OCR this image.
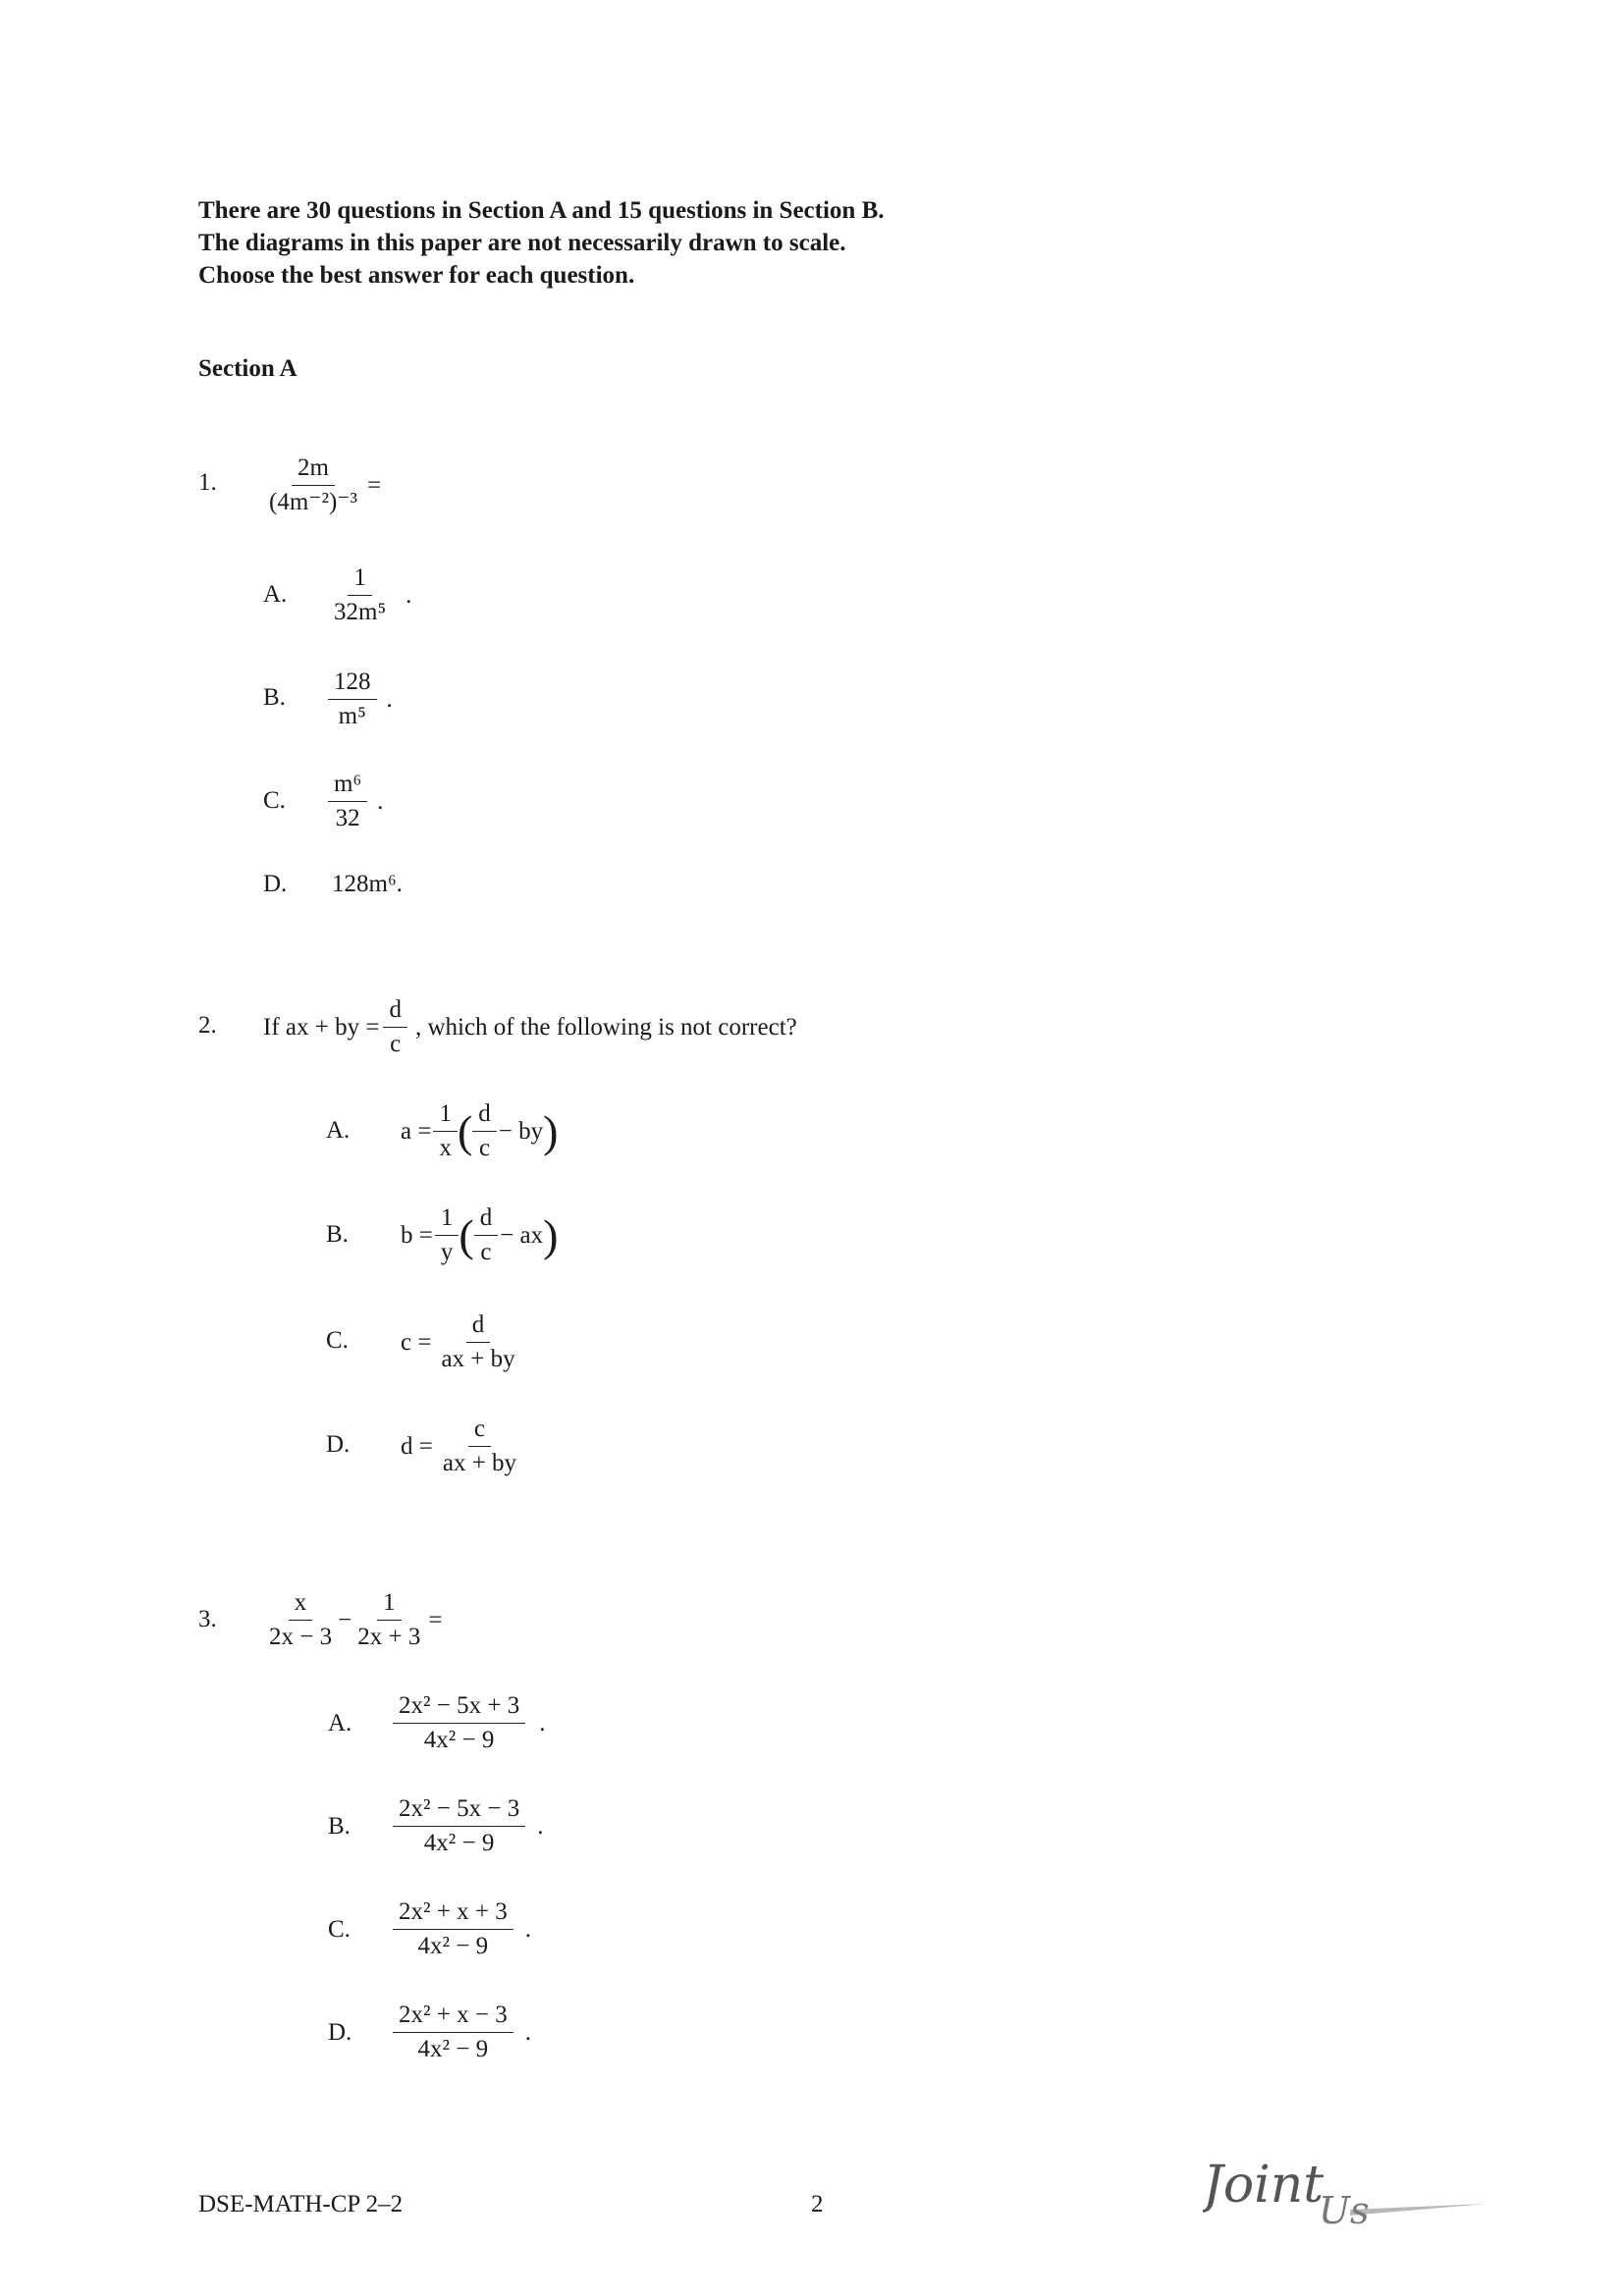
There are 30 questions in Section A and 15 questions in Section B.
The diagrams in this paper are not necessarily drawn to scale.
Choose the best answer for each question.
Section A
1. $\frac{2m}{\text{(4m⁻²)⁻³}}$ =
A. $\frac{1}{\text{32m⁵}}$ .
B. $\frac{128}{\text{m⁵}}$ .
C. $\frac{\text{m⁶}}{32}$ .
D. 128m⁶.
2. If ax + by = $\frac{d}{c}$ , which of the following is not correct?
A. $a = \frac{1}{x}$ ( $\frac{d}{c}$ − by )
B. $b = \frac{1}{y}$ ( $\frac{d}{c}$ − ax )
C. $c = \frac{d}{ax + by}$
D. $d = \frac{c}{ax + by}$
3. $\frac{x}{2x - 3} - \frac{1}{2x + 3}$ =
A. $\frac{\text{2x² − 5x + 3}}{\text{4x² − 9}}$ .
B. $\frac{\text{2x² − 5x − 3}}{\text{4x² − 9}}$ .
C. $\frac{\text{2x² + x + 3}}{\text{4x² − 9}}$ .
D. $\frac{\text{2x² + x − 3}}{\text{4x² − 9}}$ .
DSE-MATH-CP 2–2	2	Joint
Us
